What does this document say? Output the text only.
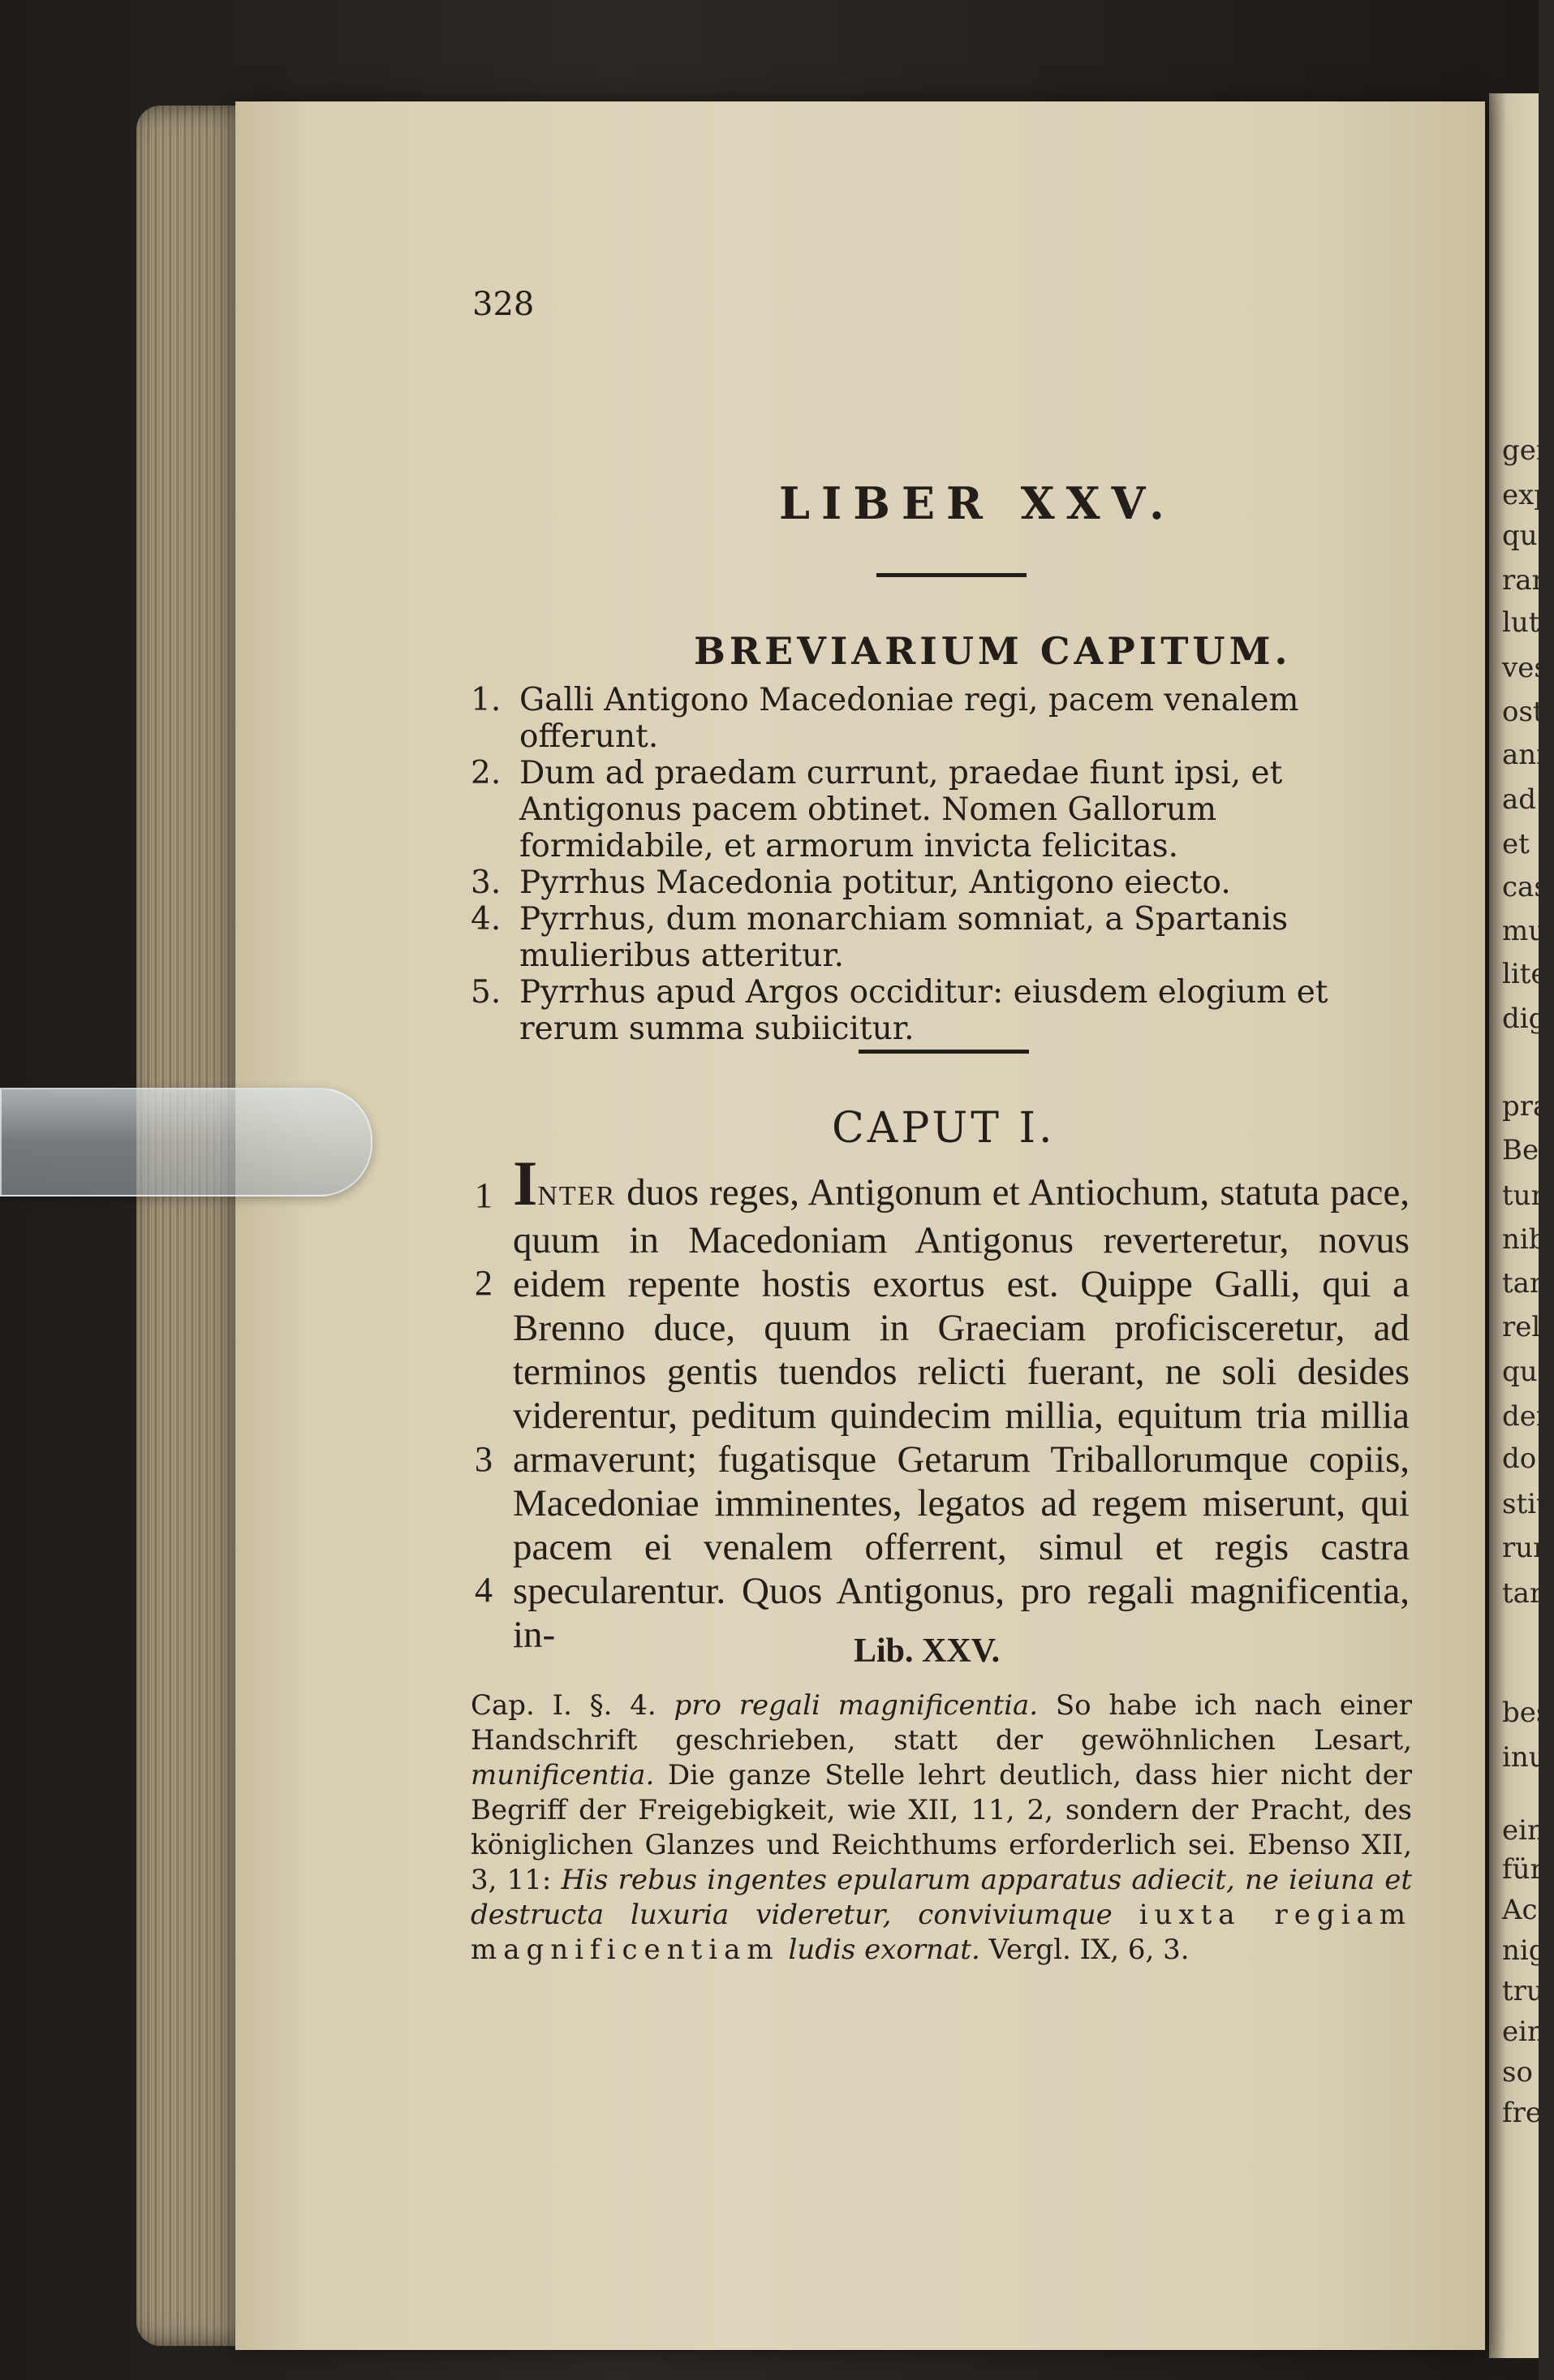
ger
exp
que
ran
lut
ves
ost
ani
ad
et i
cas
mu
lite
dig
pra
Be
tun
nib
tan
rel
que
der
do
stit
run
tar
bes
inu
ein
für
Acc
nig
tru
ein
so
fre
328
LIBER XXV.
BREVIARIUM CAPITUM.
1. Galli Antigono Macedoniae regi, pacem venalem offerunt.
2. Dum ad praedam currunt, praedae fiunt ipsi, et Antigonus pacem obtinet. Nomen Gallorum formidabile, et armorum invicta felicitas.
3. Pyrrhus Macedonia potitur, Antigono eiecto.
4. Pyrrhus, dum monarchiam somniat, a Spartanis mulieribus atteritur.
5. Pyrrhus apud Argos occiditur: eiusdem elogium et rerum summa subiicitur.
CAPUT I.
1
2
3
4
INTER duos reges, Antigonum et Antiochum, statuta pace, quum in Macedoniam Antigonus reverteretur, novus eidem repente hostis exortus est. Quippe Galli, qui a Brenno duce, quum in Graeciam proficisceretur, ad terminos gentis tuendos relicti fuerant, ne soli desides viderentur, peditum quindecim millia, equitum tria millia armaverunt; fugatisque Getarum Triballorumque copiis, Macedoniae imminentes, legatos ad regem miserunt, qui pacem ei venalem offerrent, simul et regis castra specularentur. Quos Antigonus, pro regali magnificentia, in-	Lib. XXV.
Cap. I. §. 4. pro regali magnificentia. So habe ich nach einer Handschrift geschrieben, statt der gewöhnlichen Lesart, munificentia. Die ganze Stelle lehrt deutlich, dass hier nicht der Begriff der Freigebigkeit, wie XII, 11, 2, sondern der Pracht, des königlichen Glanzes und Reichthums erforderlich sei. Ebenso XII, 3, 11: His rebus ingentes epularum apparatus adiecit, ne ieiuna et destructa luxuria videretur, conviviumque iuxta regiam magnificentiam ludis exornat. Vergl. IX, 6, 3.
